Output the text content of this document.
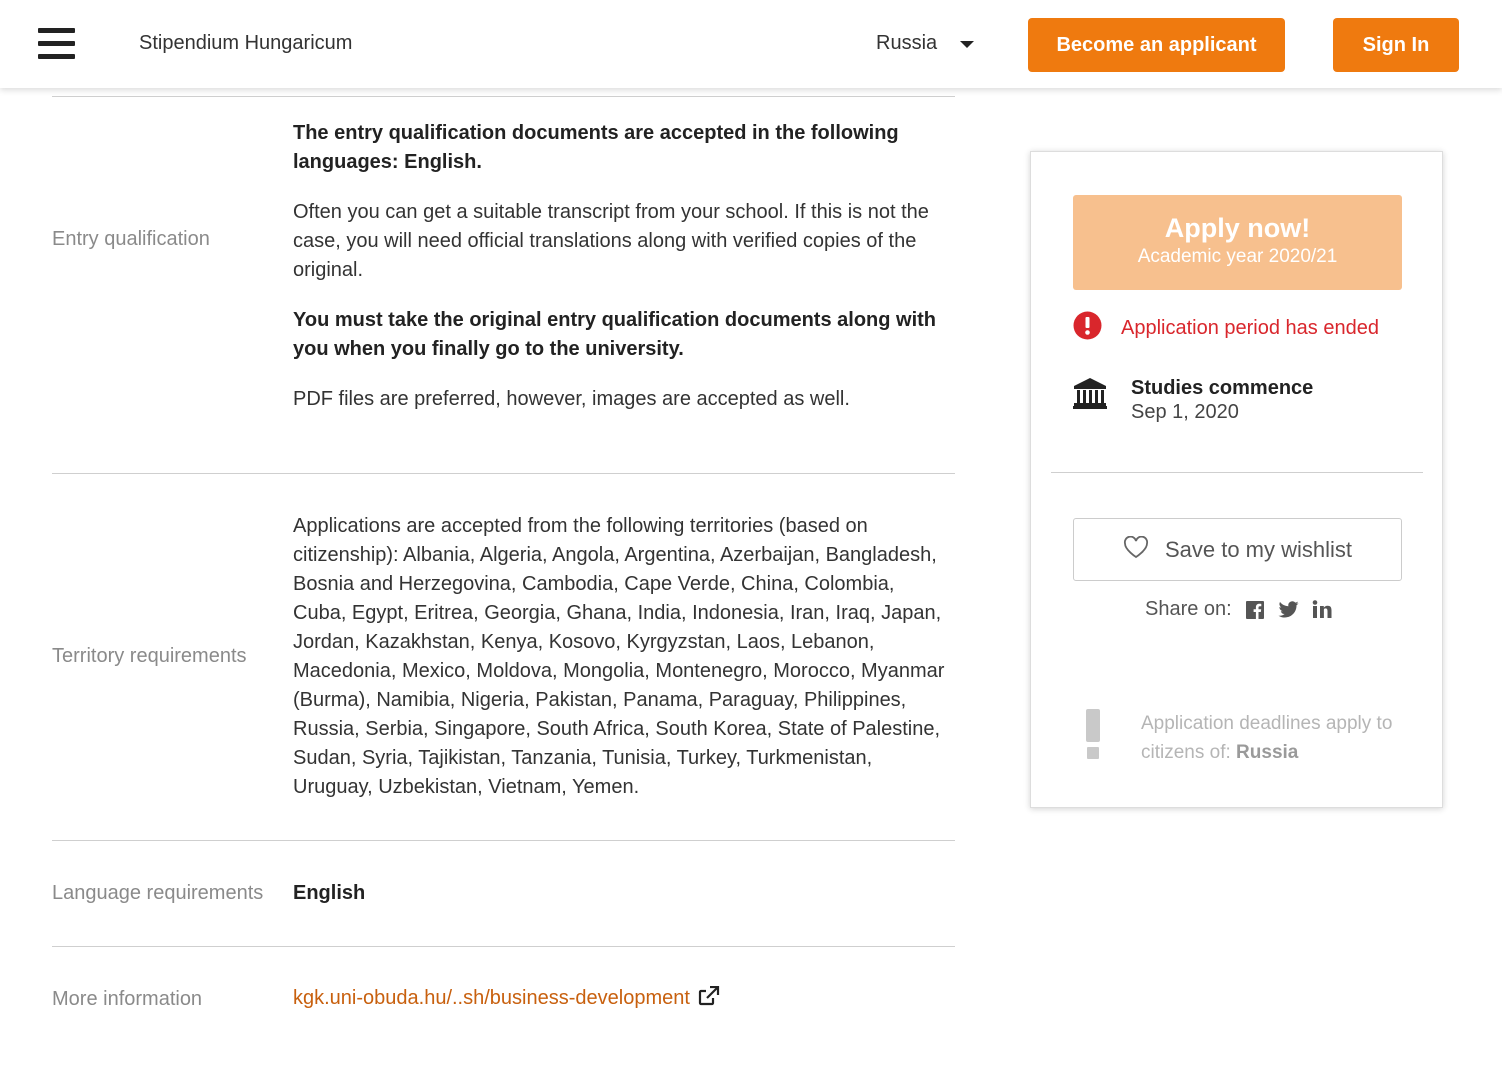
Stipendium Hungaricum	Russia	Become an applicant	Sign In
Entry qualification

The entry qualification documents are accepted in the following languages: English.

Often you can get a suitable transcript from your school. If this is not the case, you will need official translations along with verified copies of the original.

You must take the original entry qualification documents along with you when you finally go to the university.

PDF files are preferred, however, images are accepted as well.

Territory requirements

Applications are accepted from the following territories (based on citizenship): Albania, Algeria, Angola, Argentina, Azerbaijan, Bangladesh, Bosnia and Herzegovina, Cambodia, Cape Verde, China, Colombia, Cuba, Egypt, Eritrea, Georgia, Ghana, India, Indonesia, Iran, Iraq, Japan, Jordan, Kazakhstan, Kenya, Kosovo, Kyrgyzstan, Laos, Lebanon, Macedonia, Mexico, Moldova, Mongolia, Montenegro, Morocco, Myanmar (Burma), Namibia, Nigeria, Pakistan, Panama, Paraguay, Philippines, Russia, Serbia, Singapore, South Africa, South Korea, State of Palestine, Sudan, Syria, Tajikistan, Tanzania, Tunisia, Turkey, Turkmenistan, Uruguay, Uzbekistan, Vietnam, Yemen.

Language requirements English
More information	kgk.uni-obuda.hu/..sh/business-development
Apply now!
Academic year 2020/21
Application period has ended
Studies commence
Sep 1, 2020
Save to my wishlist
Share on:
Application deadlines apply to citizens of: Russia
